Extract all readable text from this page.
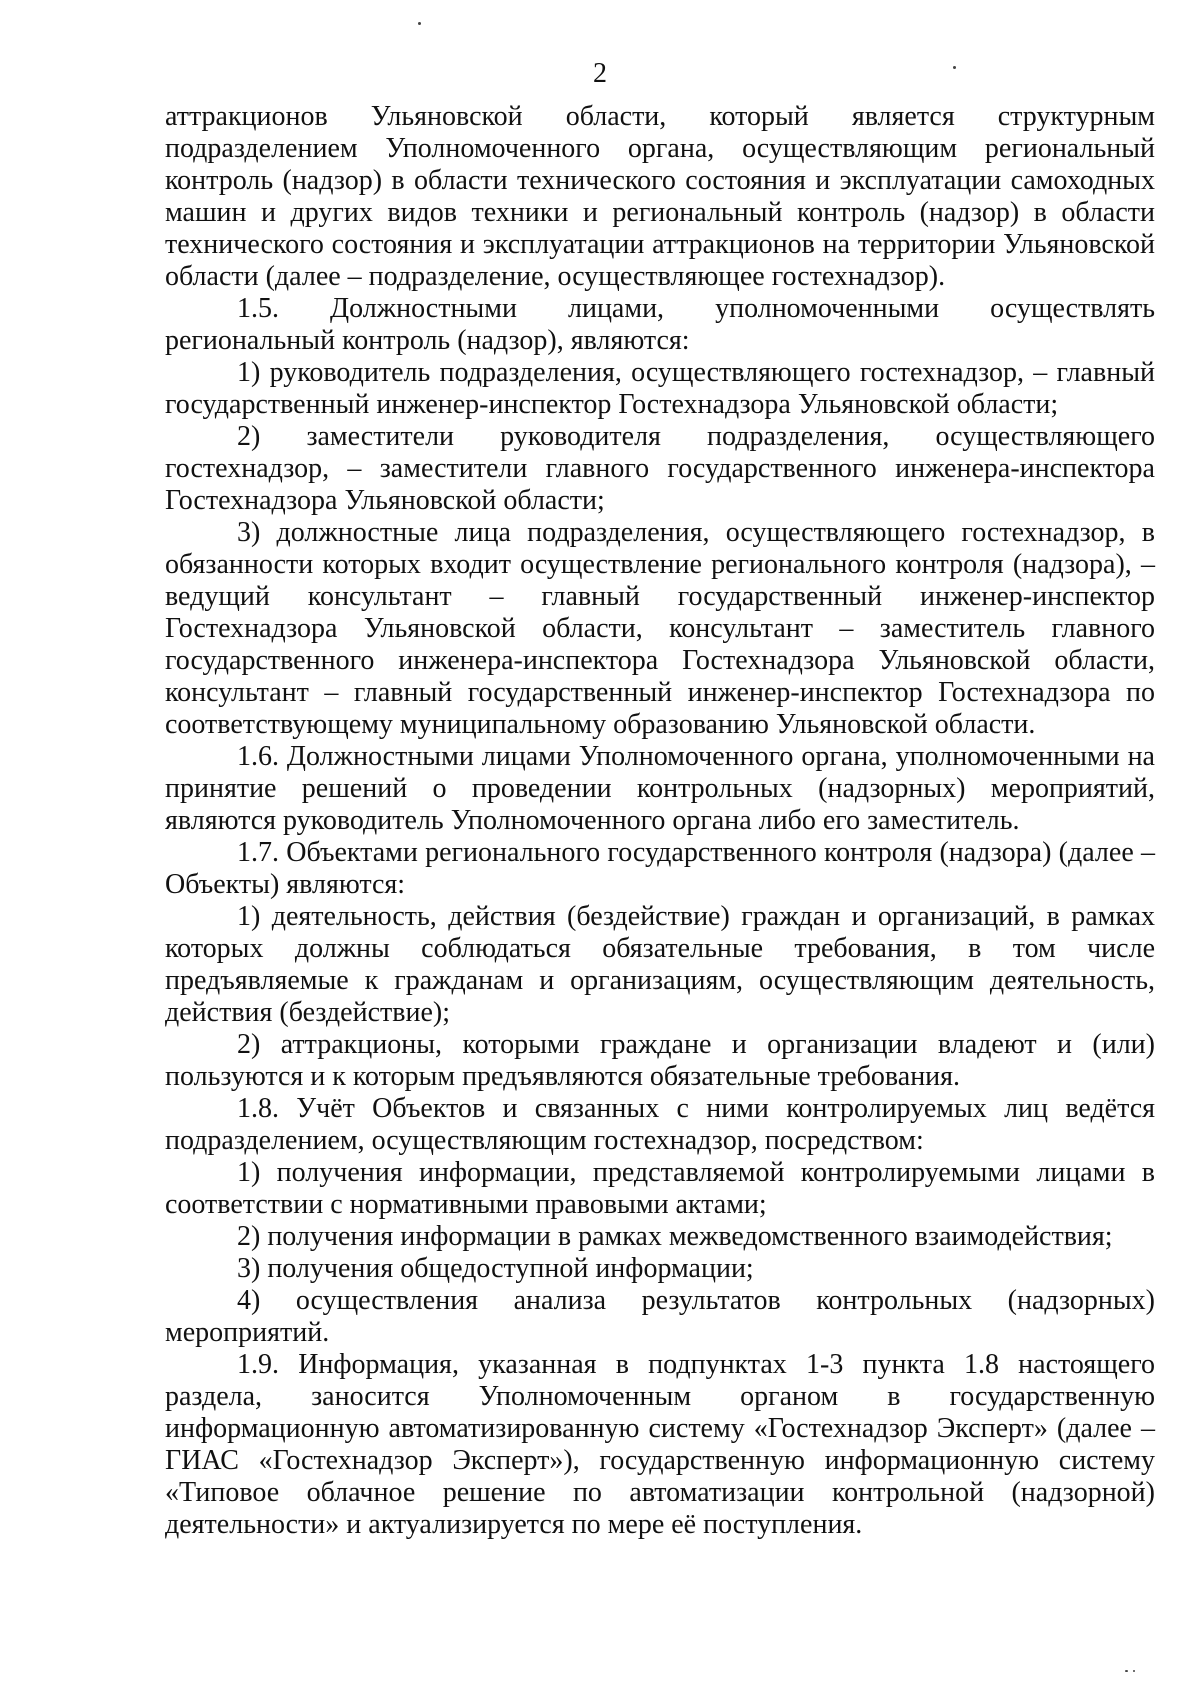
2

аттракционов Ульяновской области, который является структурным подразделением Уполномоченного органа, осуществляющим региональный контроль (надзор) в области технического состояния и эксплуатации самоходных машин и других видов техники и региональный контроль (надзор) в области технического состояния и эксплуатации аттракционов на территории Ульяновской области (далее – подразделение, осуществляющее гостехнадзор).

1.5. Должностными лицами, уполномоченными осуществлять региональный контроль (надзор), являются:

1) руководитель подразделения, осуществляющего гостехнадзор, – главный государственный инженер-инспектор Гостехнадзора Ульяновской области;

2) заместители руководителя подразделения, осуществляющего гостехнадзор, – заместители главного государственного инженера-инспектора Гостехнадзора Ульяновской области;

3) должностные лица подразделения, осуществляющего гостехнадзор, в обязанности которых входит осуществление регионального контроля (надзора), – ведущий консультант – главный государственный инженер-инспектор Гостехнадзора Ульяновской области, консультант – заместитель главного государственного инженера-инспектора Гостехнадзора Ульяновской области, консультант – главный государственный инженер-инспектор Гостехнадзора по соответствующему муниципальному образованию Ульяновской области.

1.6. Должностными лицами Уполномоченного органа, уполномоченными на принятие решений о проведении контрольных (надзорных) мероприятий, являются руководитель Уполномоченного органа либо его заместитель.

1.7. Объектами регионального государственного контроля (надзора) (далее – Объекты) являются:

1) деятельность, действия (бездействие) граждан и организаций, в рамках которых должны соблюдаться обязательные требования, в том числе предъявляемые к гражданам и организациям, осуществляющим деятельность, действия (бездействие);

2) аттракционы, которыми граждане и организации владеют и (или) пользуются и к которым предъявляются обязательные требования.

1.8. Учёт Объектов и связанных с ними контролируемых лиц ведётся подразделением, осуществляющим гостехнадзор, посредством:

1) получения информации, представляемой контролируемыми лицами в соответствии с нормативными правовыми актами;

2) получения информации в рамках межведомственного взаимодействия;

3) получения общедоступной информации;

4) осуществления анализа результатов контрольных (надзорных) мероприятий.

1.9. Информация, указанная в подпунктах 1-3 пункта 1.8 настоящего раздела, заносится Уполномоченным органом в государственную информационную автоматизированную систему «Гостехнадзор Эксперт» (далее – ГИАС «Гостехнадзор Эксперт»), государственную информационную систему «Типовое облачное решение по автоматизации контрольной (надзорной) деятельности» и актуализируется по мере её поступления.
